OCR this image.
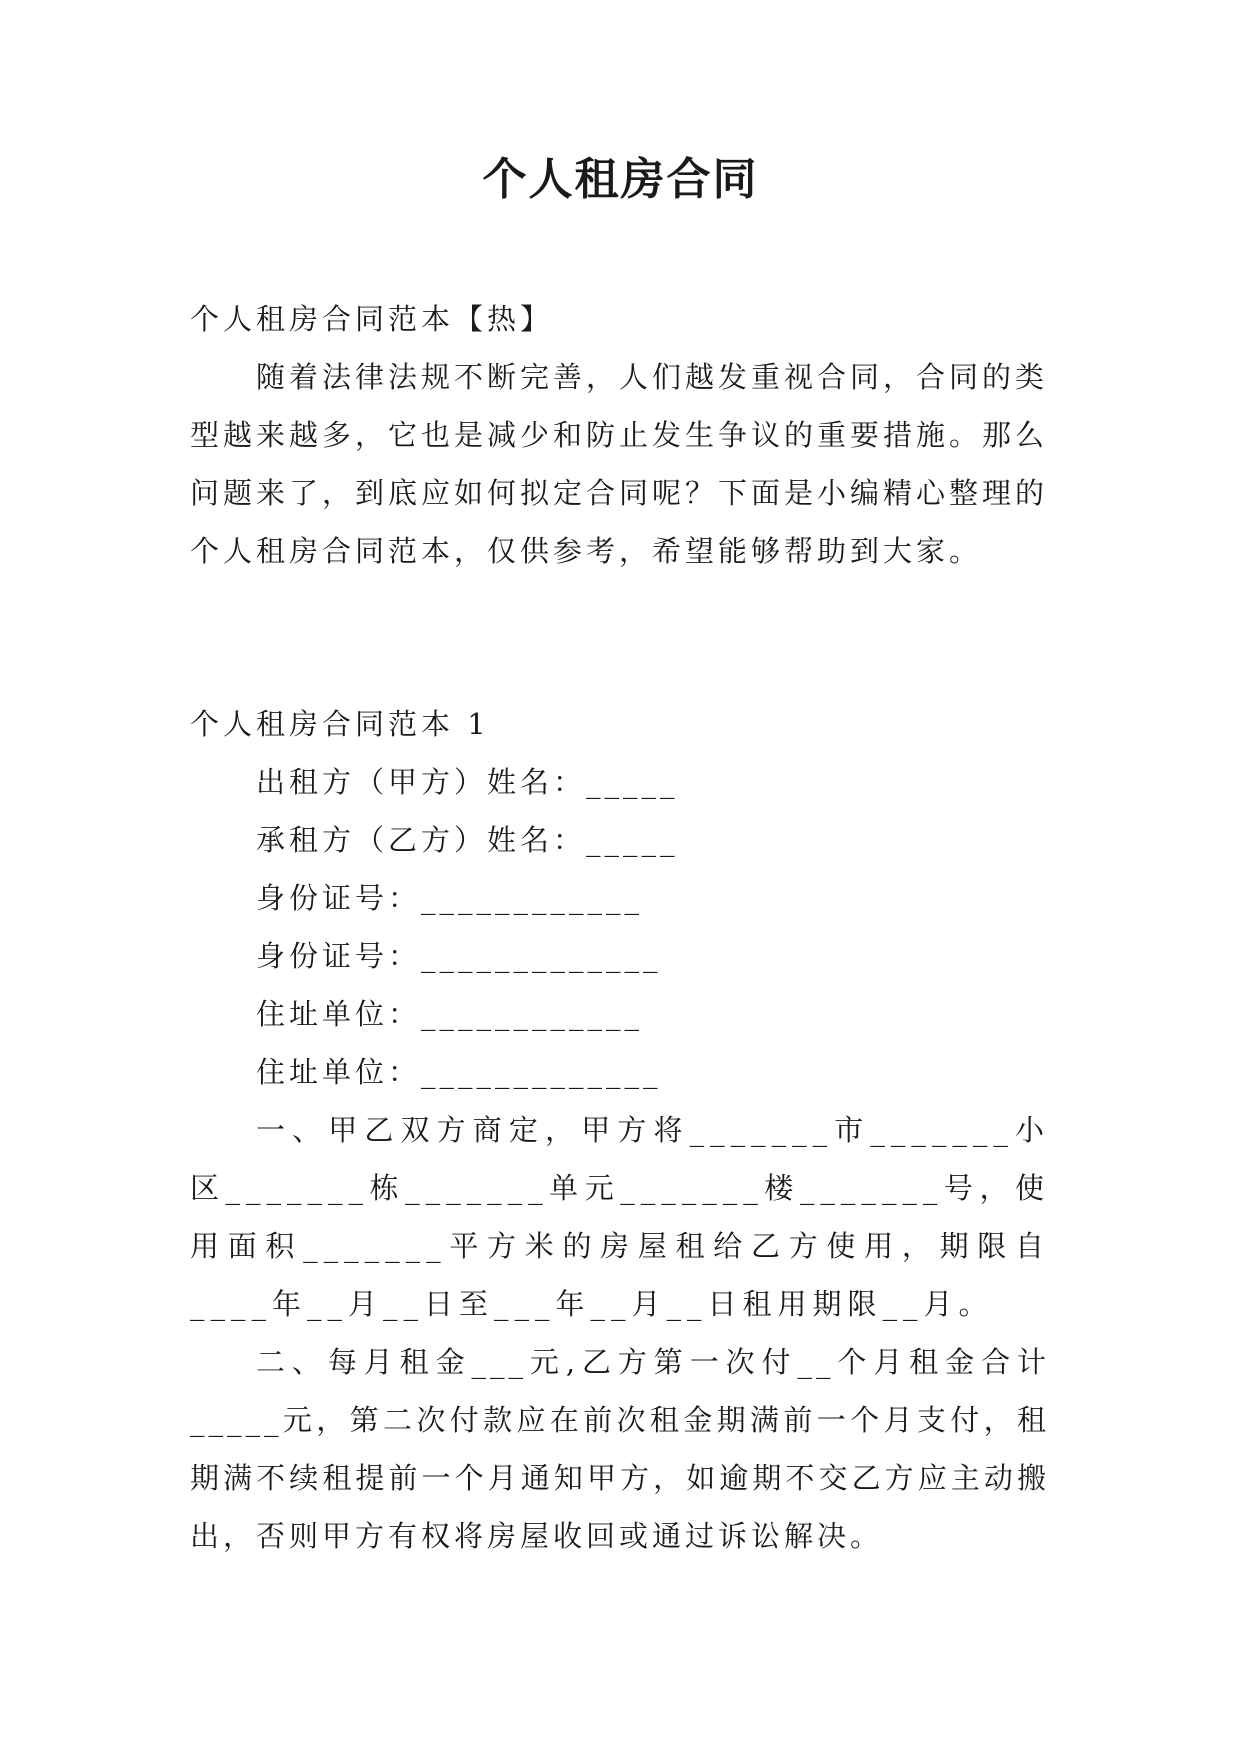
个人租房合同

个人租房合同范本【热】

随着法律法规不断完善，人们越发重视合同，合同的类型越来越多，它也是减少和防止发生争议的重要措施。那么问题来了，到底应如何拟定合同呢？下面是小编精心整理的个人租房合同范本，仅供参考，希望能够帮助到大家。

个人租房合同范本 1

出租方（甲方）姓名：_____
承租方（乙方）姓名：_____
身份证号：____________
身份证号：_____________
住址单位：____________
住址单位：_____________

一、甲乙双方商定，甲方将_______市_______小区_______栋_______单元_______楼_______号，使用面积_______平方米的房屋租给乙方使用，期限自____年__月__日至___年__月__日租用期限__月。

二、每月租金___元,乙方第一次付__个月租金合计_____元，第二次付款应在前次租金期满前一个月支付，租期满不续租提前一个月通知甲方，如逾期不交乙方应主动搬出，否则甲方有权将房屋收回或通过诉讼解决。
